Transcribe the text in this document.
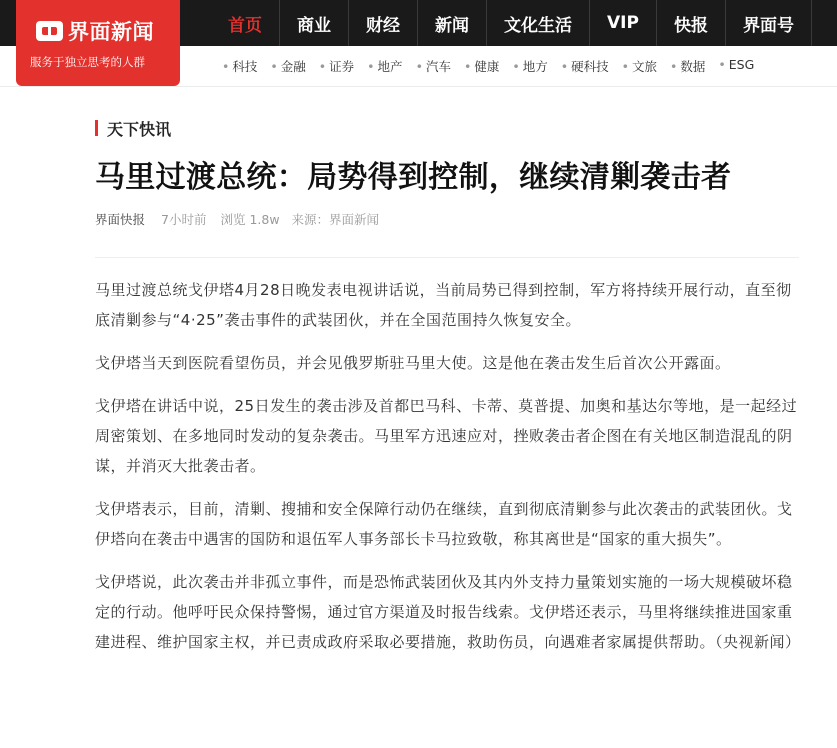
首页	商业	财经	新闻	文化生活	VIP	快报	界面号
界面新闻
服务于独立思考的人群	• 科技 • 金融 • 证券 • 地产 • 汽车 • 健康 • 地方 • 硬科技 • 文旅 • 数据 • ESG
天下快讯
马里过渡总统：局势得到控制，继续清剿袭击者
界面快报 7小时前 浏览 1.8w 来源：界面新闻

马里过渡总统戈伊塔4月28日晚发表电视讲话说，当前局势已得到控制，军方将持续开展行动，直至彻底清剿参与“4·25”袭击事件的武装团伙，并在全国范围持久恢复安全。

戈伊塔当天到医院看望伤员，并会见俄罗斯驻马里大使。这是他在袭击发生后首次公开露面。

戈伊塔在讲话中说，25日发生的袭击涉及首都巴马科、卡蒂、莫普提、加奥和基达尔等地，是一起经过周密策划、在多地同时发动的复杂袭击。马里军方迅速应对，挫败袭击者企图在有关地区制造混乱的阴谋，并消灭大批袭击者。

戈伊塔表示，目前，清剿、搜捕和安全保障行动仍在继续，直到彻底清剿参与此次袭击的武装团伙。戈伊塔向在袭击中遇害的国防和退伍军人事务部长卡马拉致敬，称其离世是“国家的重大损失”。

戈伊塔说，此次袭击并非孤立事件，而是恐怖武装团伙及其内外支持力量策划实施的一场大规模破坏稳定的行动。他呼吁民众保持警惕，通过官方渠道及时报告线索。戈伊塔还表示，马里将继续推进国家重建进程、维护国家主权，并已责成政府采取必要措施，救助伤员，向遇难者家属提供帮助。（央视新闻）
